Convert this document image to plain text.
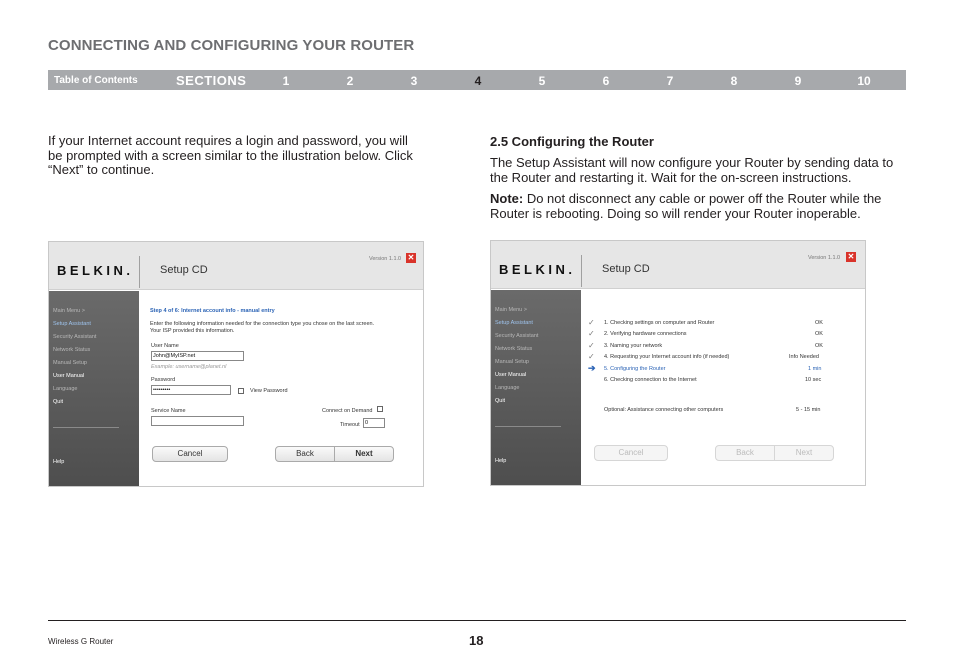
CONNECTING AND CONFIGURING YOUR ROUTER
Table of Contents	SECTIONS	1	2	3	4	5	6	7	8	9	10

If your Internet account requires a login and password, you will be prompted with a screen similar to the illustration below. Click “Next” to continue.

2.5 Configuring the Router

The Setup Assistant will now configure your Router by sending data to the Router and restarting it. Wait for the on-screen instructions.

Note: Do not disconnect any cable or power off the Router while the Router is rebooting. Doing so will render your Router inoperable.

BELKIN. Setup CD
Version 1.1.0 ✕
Main Menu >
Setup Assistant
Security Assistant
Network Status
Manual Setup
User Manual
Language
Quit
Help
Step 4 of 6: Internet account info - manual entry
Enter the following information needed for the connection type you chose on the last screen.
Your ISP provided this information.
User Name
John@MyISP.net
Example: username@planet.nl
Password
•••••••••	View Password
Service Name	Connect on Demand
Timeout 0
Cancel	Back	Next
BELKIN. Setup CD
Version 1.1.0 ✕
Main Menu >
Setup Assistant
Security Assistant
Network Status
Manual Setup
User Manual
Language
Quit
Help
✓ 1. Checking settings on computer and Router	OK
✓ 2. Verifying hardware connections	OK
✓ 3. Naming your network	OK
✓ 4. Requesting your Internet account info (if needed)	Info Needed
➔ 5. Configuring the Router	1 min
6. Checking connection to the Internet	10 sec
Optional: Assistance connecting other computers	5 - 15 min
Cancel	Back	Next
Wireless G Router	18
